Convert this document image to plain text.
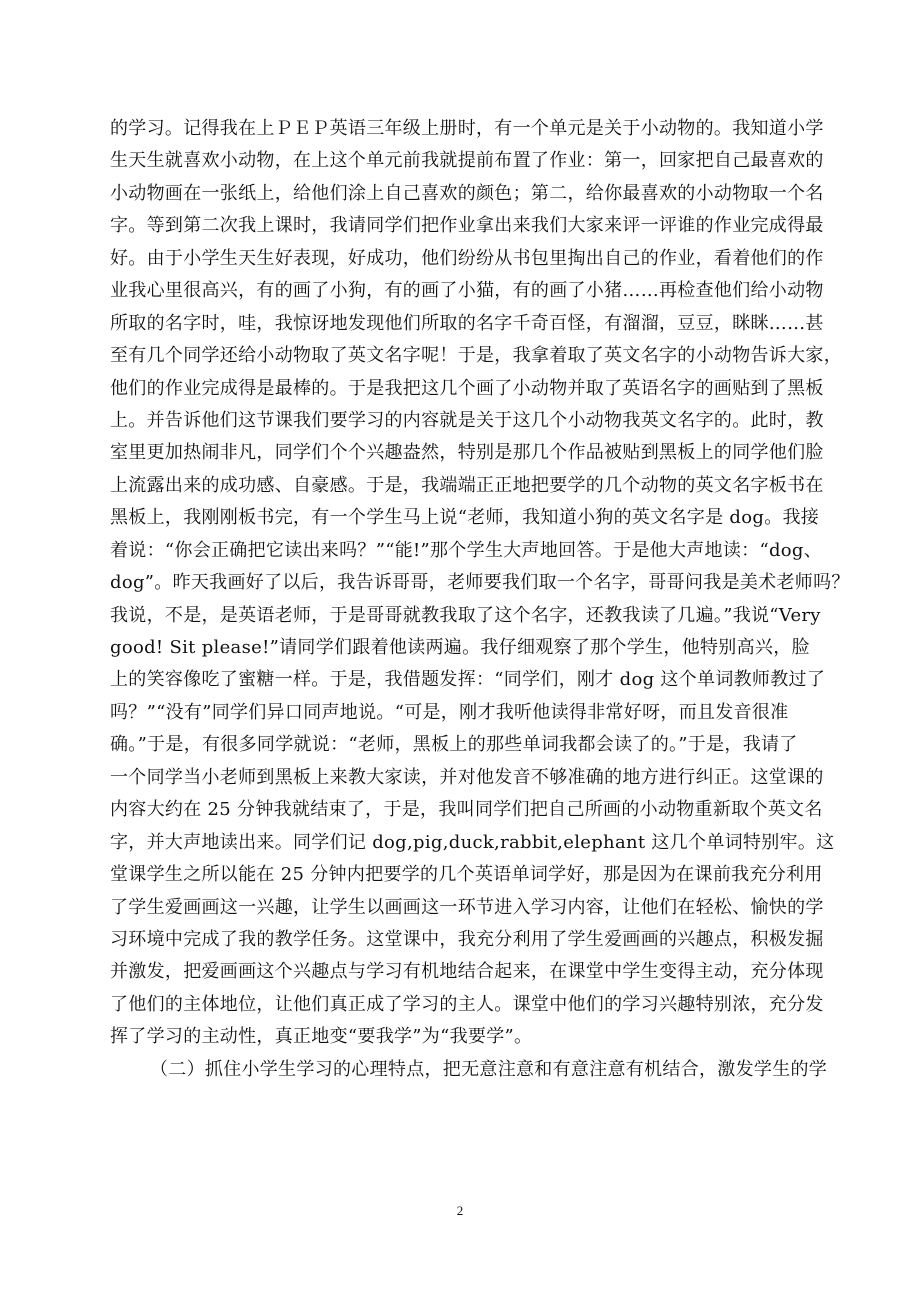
的学习。记得我在上ＰＥＰ英语三年级上册时，有一个单元是关于小动物的。我知道小学
生天生就喜欢小动物，在上这个单元前我就提前布置了作业：第一，回家把自己最喜欢的
小动物画在一张纸上，给他们涂上自己喜欢的颜色；第二，给你最喜欢的小动物取一个名
字。等到第二次我上课时，我请同学们把作业拿出来我们大家来评一评谁的作业完成得最
好。由于小学生天生好表现，好成功，他们纷纷从书包里掏出自己的作业，看着他们的作
业我心里很高兴，有的画了小狗，有的画了小猫，有的画了小猪……再检查他们给小动物
所取的名字时，哇，我惊讶地发现他们所取的名字千奇百怪，有溜溜，豆豆，眯眯……甚
至有几个同学还给小动物取了英文名字呢！于是，我拿着取了英文名字的小动物告诉大家，
他们的作业完成得是最棒的。于是我把这几个画了小动物并取了英语名字的画贴到了黑板
上。并告诉他们这节课我们要学习的内容就是关于这几个小动物我英文名字的。此时，教
室里更加热闹非凡，同学们个个兴趣盎然，特别是那几个作品被贴到黑板上的同学他们脸
上流露出来的成功感、自豪感。于是，我端端正正地把要学的几个动物的英文名字板书在
黑板上，我刚刚板书完，有一个学生马上说“老师，我知道小狗的英文名字是 dog。我接
着说：“你会正确把它读出来吗？”“能!”那个学生大声地回答。于是他大声地读：“dog、
dog”。昨天我画好了以后，我告诉哥哥，老师要我们取一个名字，哥哥问我是美术老师吗？
我说，不是，是英语老师，于是哥哥就教我取了这个名字，还教我读了几遍。”我说“Very
good! Sit please!”请同学们跟着他读两遍。我仔细观察了那个学生，他特别高兴，脸
上的笑容像吃了蜜糖一样。于是，我借题发挥：“同学们，刚才 dog 这个单词教师教过了
吗？”“没有”同学们异口同声地说。“可是，刚才我听他读得非常好呀，而且发音很准
确。”于是，有很多同学就说：“老师，黑板上的那些单词我都会读了的。”于是，我请了
一个同学当小老师到黑板上来教大家读，并对他发音不够准确的地方进行纠正。这堂课的
内容大约在 25 分钟我就结束了，于是，我叫同学们把自己所画的小动物重新取个英文名
字，并大声地读出来。同学们记 dog,pig,duck,rabbit,elephant 这几个单词特别牢。这
堂课学生之所以能在 25 分钟内把要学的几个英语单词学好，那是因为在课前我充分利用
了学生爱画画这一兴趣，让学生以画画这一环节进入学习内容，让他们在轻松、愉快的学
习环境中完成了我的教学任务。这堂课中，我充分利用了学生爱画画的兴趣点，积极发掘
并激发，把爱画画这个兴趣点与学习有机地结合起来，在课堂中学生变得主动，充分体现
了他们的主体地位，让他们真正成了学习的主人。课堂中他们的学习兴趣特别浓，充分发
挥了学习的主动性，真正地变“要我学”为“我要学”。
（二）抓住小学生学习的心理特点，把无意注意和有意注意有机结合，激发学生的学
2
